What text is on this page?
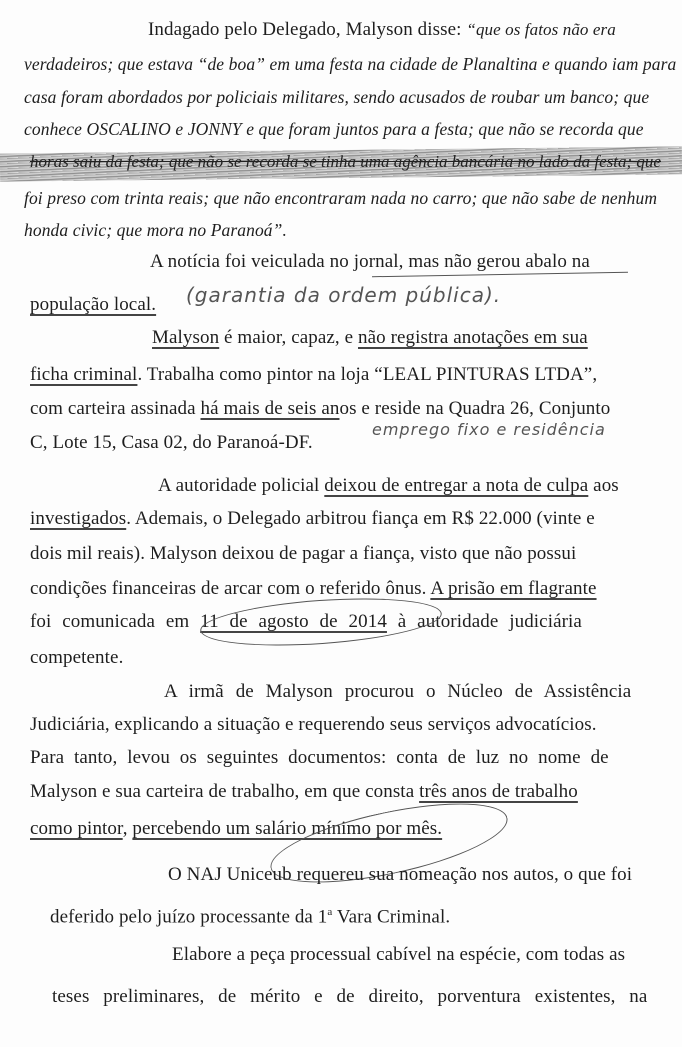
Indagado pelo Delegado, Malyson disse: “que os fatos não era
verdadeiros; que estava “de boa” em uma festa na cidade de Planaltina e quando iam para
casa foram abordados por policiais militares, sendo acusados de roubar um banco; que
conhece OSCALINO e JONNY e que foram juntos para a festa; que não se recorda que
horas saiu da festa; que não se recorda se tinha uma agência bancária no lado da festa; que
foi preso com trinta reais; que não encontraram nada no carro; que não sabe de nenhum
honda civic; que mora no Paranoá”.
A notícia foi veiculada no jornal, mas não gerou abalo na
população local. (garantia da ordem pública).
Malyson é maior, capaz, e não registra anotações em sua
ficha criminal. Trabalha como pintor na loja “LEAL PINTURAS LTDA”,
com carteira assinada há mais de seis anos e reside na Quadra 26, Conjunto
emprego fixo e residência
C, Lote 15, Casa 02, do Paranoá-DF.
A autoridade policial deixou de entregar a nota de culpa aos
investigados. Ademais, o Delegado arbitrou fiança em R$ 22.000 (vinte e
dois mil reais). Malyson deixou de pagar a fiança, visto que não possui
condições financeiras de arcar com o referido ônus. A prisão em flagrante
foi comunicada em 11 de agosto de 2014 à autoridade judiciária
competente.
A irmã de Malyson procurou o Núcleo de Assistência
Judiciária, explicando a situação e requerendo seus serviços advocatícios.
Para tanto, levou os seguintes documentos: conta de luz no nome de
Malyson e sua carteira de trabalho, em que consta três anos de trabalho
como pintor, percebendo um salário mínimo por mês.
O NAJ Uniceub requereu sua nomeação nos autos, o que foi
deferido pelo juízo processante da 1$^a$ Vara Criminal.
Elabore a peça processual cabível na espécie, com todas as
teses preliminares, de mérito e de direito, porventura existentes, na
